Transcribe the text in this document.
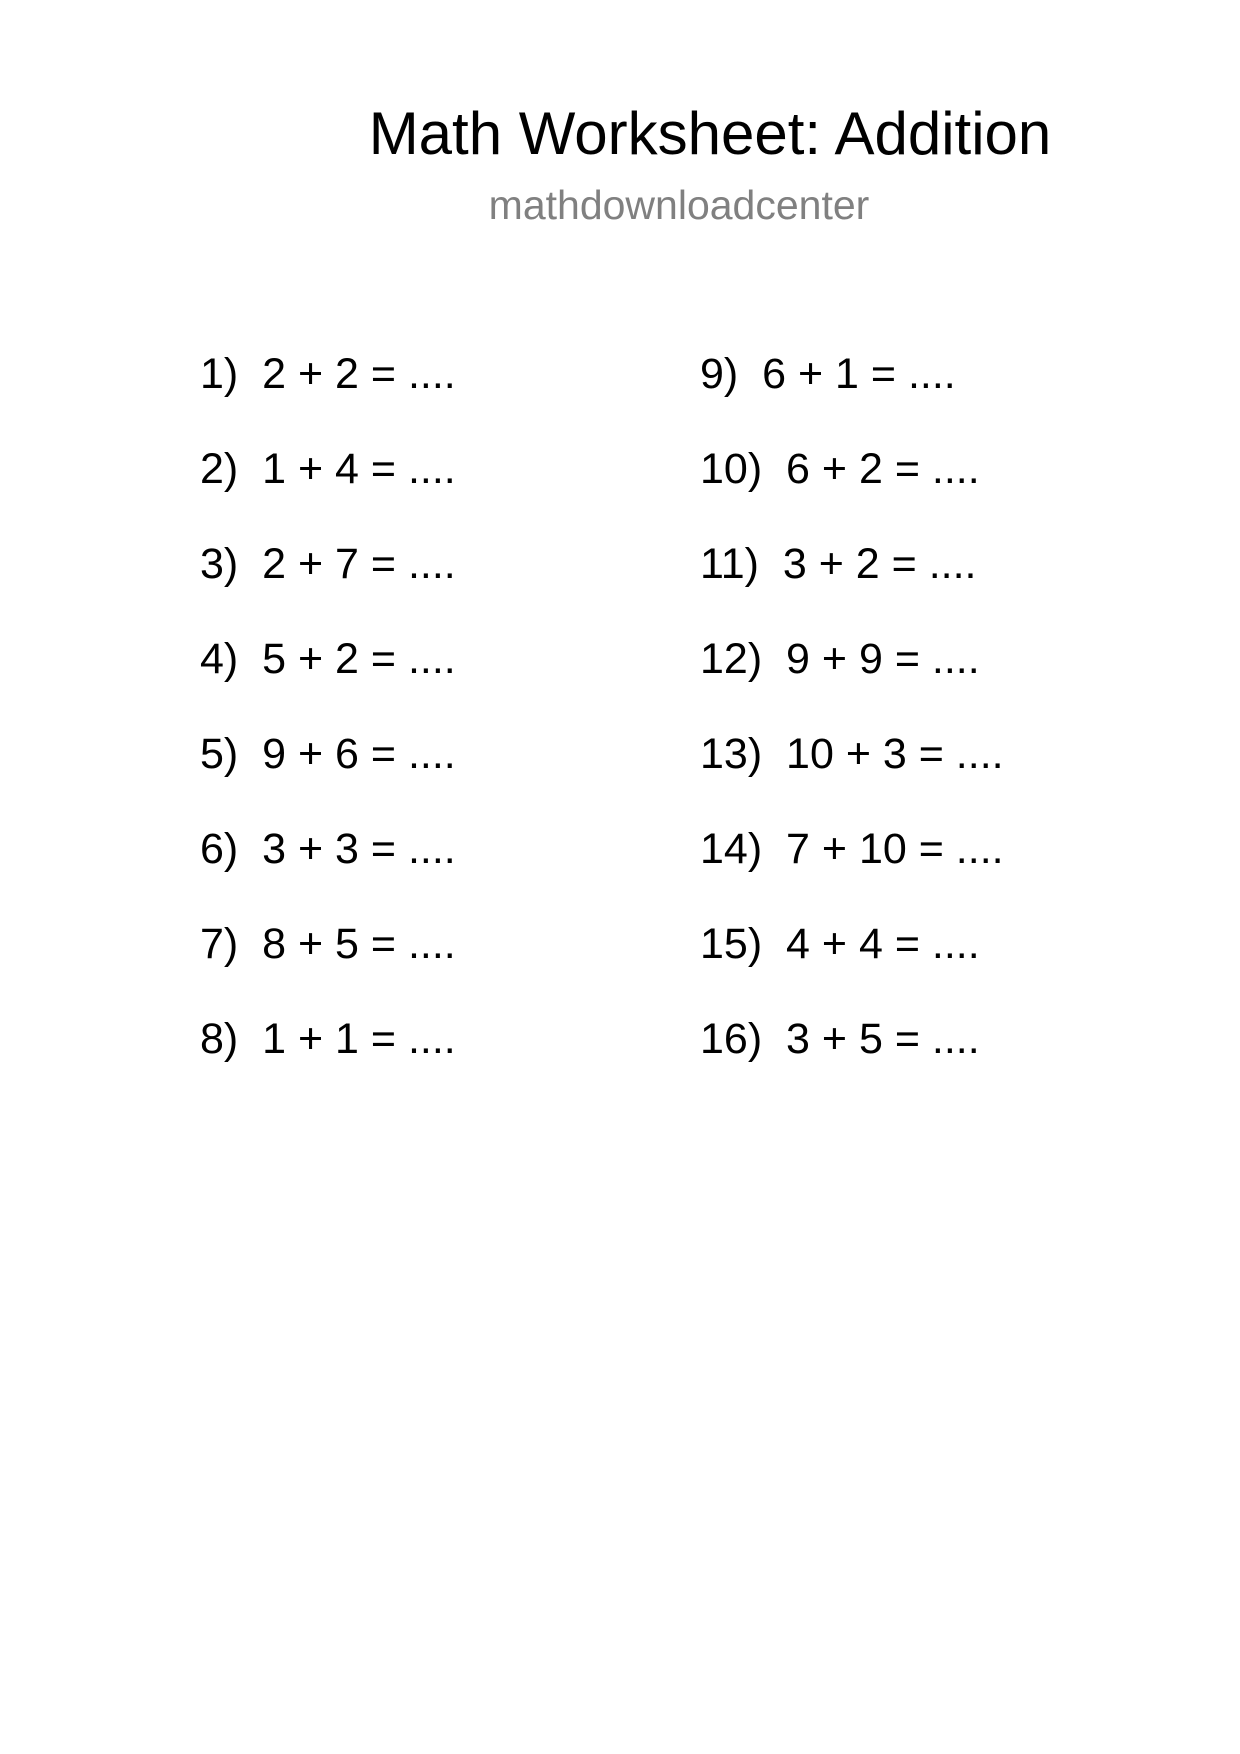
Math Worksheet: Addition
mathdownloadcenter
1)  2 + 2 = ....
2)  1 + 4 = ....
3)  2 + 7 = ....
4)  5 + 2 = ....
5)  9 + 6 = ....
6)  3 + 3 = ....
7)  8 + 5 = ....
8)  1 + 1 = ....
9)  6 + 1 = ....
10)  6 + 2 = ....
11)  3 + 2 = ....
12)  9 + 9 = ....
13)  10 + 3 = ....
14)  7 + 10 = ....
15)  4 + 4 = ....
16)  3 + 5 = ....
